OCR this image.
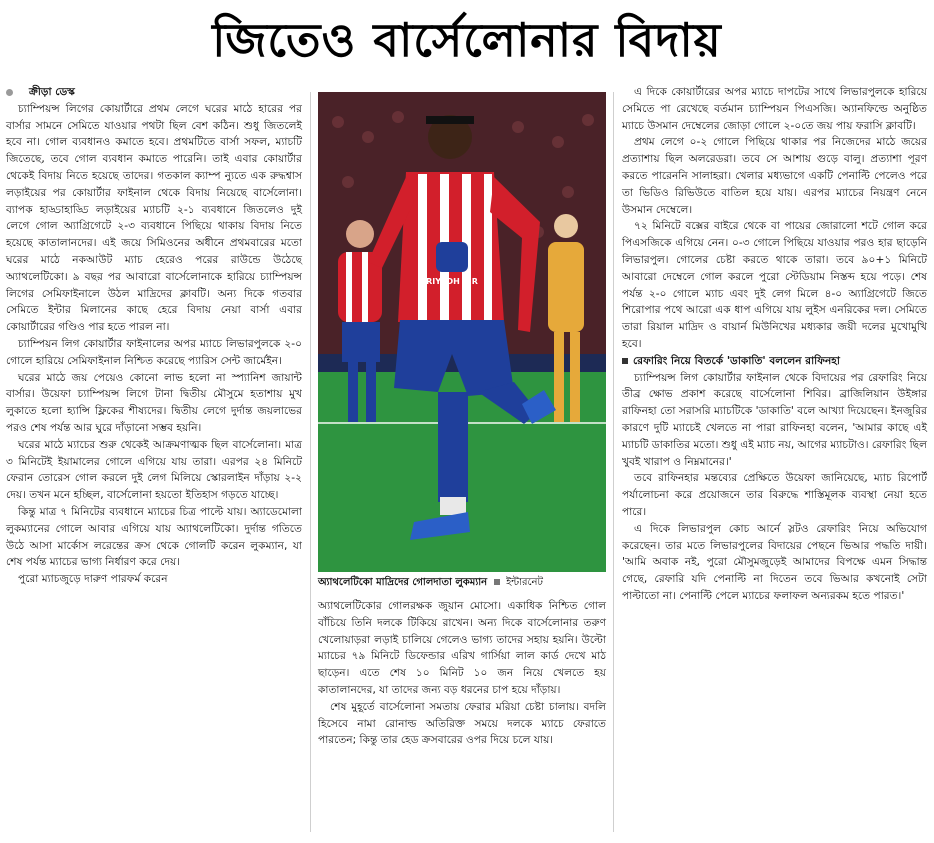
জিতেও বার্সেলোনার বিদায়

ক্রীড়া ডেস্ক

চ্যাম্পিয়ন্স লিগের কোয়ার্টারে প্রথম লেগে ঘরের মাঠে হারের পর বার্সার সামনে সেমিতে যাওয়ার পথটা ছিল বেশ কঠিন। শুধু জিতলেই হবে না। গোল ব্যবধানও কমাতে হবে। প্রথমটিতে বার্সা সফল, ম্যাচটি জিতেছে, তবে গোল ব্যবধান কমাতে পারেনি। তাই এবার কোয়ার্টার থেকেই বিদায় নিতে হয়েছে তাদের। গতকাল ক্যাম্প ন্যুতে এক রুদ্ধশ্বাস লড়াইয়ের পর কোয়ার্টার ফাইনাল থেকে বিদায় নিয়েছে বার্সেলোনা। ব্যাপক হাড্ডাহাড্ডি লড়াইয়ের ম্যাচটি ২-১ ব্যবধানে জিতলেও দুই লেগে গোল অ্যাগ্রিগেটে ২-৩ ব্যবধানে পিছিয়ে থাকায় বিদায় নিতে হয়েছে কাতালানদের। এই জয়ে সিমিওনের অধীনে প্রথমবারের মতো ঘরের মাঠে নকআউট ম্যাচ হেরেও পরের রাউন্ডে উঠেছে অ্যাথলেটিকো। ৯ বছর পর আবারো বার্সেলোনাকে হারিয়ে চ্যাম্পিয়ন্স লিগের সেমিফাইনালে উঠল মাদ্রিদের ক্লাবটি। অন্য দিকে গতবার সেমিতে ইন্টার মিলানের কাছে হেরে বিদায় নেয়া বার্সা এবার কোয়ার্টারের গণ্ডিও পার হতে পারল না।

চ্যাম্পিয়ন লিগ কোয়ার্টার ফাইনালের অপর ম্যাচে লিভারপুলকে ২-০ গোলে হারিয়ে সেমিফাইনাল নিশ্চিত করেছে প্যারিস সেন্ট জার্মেইন।

ঘরের মাঠে জয় পেয়েও কোনো লাভ হলো না স্প্যানিশ জায়ান্ট বার্সার। উয়েফা চ্যাম্পিয়ন্স লিগে টানা দ্বিতীয় মৌসুমে হতাশায় মুখ লুকাতে হলো হ্যান্সি ফ্লিকের শীষ্যদের। দ্বিতীয় লেগে দুর্দান্ত জয়লাভের পরও শেষ পর্যন্ত আর ঘুরে দাঁড়ানো সম্ভব হয়নি।

ঘরের মাঠে ম্যাচের শুরু থেকেই আক্রমণাত্মক ছিল বার্সেলোনা। মাত্র ৩ মিনিটেই ইয়ামালের গোলে এগিয়ে যায় তারা। এরপর ২৪ মিনিটে ফেরান তোরেস গোল করলে দুই লেগ মিলিয়ে স্কোরলাইন দাঁড়ায় ২-২ দেয়। তখন মনে হচ্ছিল, বার্সেলোনা হয়তো ইতিহাস গড়তে যাচ্ছে।

কিন্তু মাত্র ৭ মিনিটের ব্যবধানে ম্যাচের চিত্র পাল্টে যায়। অ্যাডেমোলা লুকম্যানের গোলে আবার এগিয়ে যায় অ্যাথলেটিকো। দুর্দান্ত গতিতে উঠে আসা মার্কোস লরেন্তের ক্রস থেকে গোলটি করেন লুকম্যান, যা শেষ পর্যন্ত ম্যাচের ভাগ্য নির্ধারণ করে দেয়।

পুরো ম্যাচজুড়ে দারুণ পারফর্ম করেন

RIYADH AIR
অ্যাথলেটিকো মাদ্রিদের গোলদাতা লুকম্যান ইন্টারনেট

অ্যাথলেটিকোর গোলরক্ষক জুয়ান মোসো। একাধিক নিশ্চিত গোল বাঁচিয়ে তিনি দলকে টিকিয়ে রাখেন। অন্য দিকে বার্সেলোনার তরুণ খেলোয়াড়রা লড়াই চালিয়ে গেলেও ভাগ্য তাদের সহায় হয়নি। উল্টো ম্যাচের ৭৯ মিনিটে ডিফেন্ডার এরিখ গার্সিয়া লাল কার্ড দেখে মাঠ ছাড়েন। এতে শেষ ১০ মিনিট ১০ জন নিয়ে খেলতে হয় কাতালানদের, যা তাদের জন্য বড় ধরনের চাপ হয়ে দাঁড়ায়।

শেষ মুহূর্তে বার্সেলোনা সমতায় ফেরার মরিয়া চেষ্টা চালায়। বদলি হিসেবে নামা রোনাল্ড অতিরিক্ত সময়ে দলকে ম্যাচে ফেরাতে পারতেন; কিন্তু তার হেড ক্রসবারের ওপর দিয়ে চলে যায়।

এ দিকে কোয়ার্টারের অপর ম্যাচে দাপটের সাথে লিভারপুলকে হারিয়ে সেমিতে পা রেখেছে বর্তমান চ্যাম্পিয়ন পিএসজি। অ্যানফিল্ডে অনুষ্ঠিত ম্যাচে উসমান দেম্বেলের জোড়া গোলে ২-০তে জয় পায় ফরাসি ক্লাবটি।

প্রথম লেগে ০-২ গোলে পিছিয়ে থাকার পর নিজেদের মাঠে জয়ের প্রত্যাশায় ছিল অলরেডরা। তবে সে আশায় গুড়ে বালু। প্রত্যাশা পূরণ করতে পারেননি সালাহরা। খেলার মধ্যভাগে একটি পেনাল্টি পেলেও পরে তা ভিডিও রিভিউতে বাতিল হয়ে যায়। এরপর ম্যাচের নিয়ন্ত্রণ নেনে উসমান দেম্বেলে।

৭২ মিনিটে বক্সের বাইরে থেকে বা পায়ের জোরালো শটে গোল করে পিএসজিকে এগিয়ে নেন। ০-৩ গোলে পিছিয়ে যাওয়ার পরও হার ছাড়েনি লিভারপুল। গোলের চেষ্টা করতে থাকে তারা। তবে ৯০+১ মিনিটে আবারো দেম্বেলে গোল করলে পুরো স্টেডিয়াম নিস্তব্দ হয়ে পড়ে। শেষ পর্যন্ত ২-০ গোলে ম্যাচ এবং দুই লেগ মিলে ৪-০ অ্যাগ্রিগেটে জিতে শিরোপার পথে আরো এক ধাপ এগিয়ে যায় লুইস এনরিকের দল। সেমিতে তারা রিয়াল মাদ্রিদ ও বায়ার্ন মিউনিখের মধ্যকার জয়ী দলের মুখোমুখি হবে।

রেফারিং নিয়ে বিতর্কে 'ডাকাতি' বললেন রাফিনহা

চ্যাম্পিয়ন্স লিগ কোয়ার্টার ফাইনাল থেকে বিদায়ের পর রেফারিং নিয়ে তীব্র ক্ষোভ প্রকাশ করেছে বার্সেলোনা শিবির। ব্রাজিলিয়ান উইঙ্গার রাফিনহা তো সরাসরি ম্যাচটিকে 'ডাকাতি' বলে আখ্যা দিয়েছেন। ইনজুরির কারণে দুটি ম্যাচেই খেলতে না পারা রাফিনহা বলেন, 'আমার কাছে এই ম্যাচটি ডাকাতির মতো। শুধু এই ম্যাচ নয়, আগের ম্যাচটাও। রেফারিং ছিল খুবই খারাপ ও নিম্নমানের।'

তবে রাফিনহার মন্তব্যের প্রেক্ষিতে উয়েফা জানিয়েছে, ম্যাচ রিপোর্ট পর্যালোচনা করে প্রয়োজনে তার বিরুদ্ধে শাস্তিমূলক ব্যবস্থা নেয়া হতে পারে।

এ দিকে লিভারপুল কোচ আর্নে স্লটও রেফারিং নিয়ে অভিযোগ করেছেন। তার মতে লিভারপুলের বিদায়ের পেছনে ভিআর পদ্ধতি দায়ী। 'আমি অবাক নই, পুরো মৌসুমজুড়েই আমাদের বিপক্ষে এমন সিদ্ধান্ত গেছে, রেফারি যদি পেনাল্টি না দিতেন তবে ভিআর কখনোই সেটা পাল্টাতো না। পেনাল্টি পেলে ম্যাচের ফলাফল অন্যরকম হতে পারত।'
